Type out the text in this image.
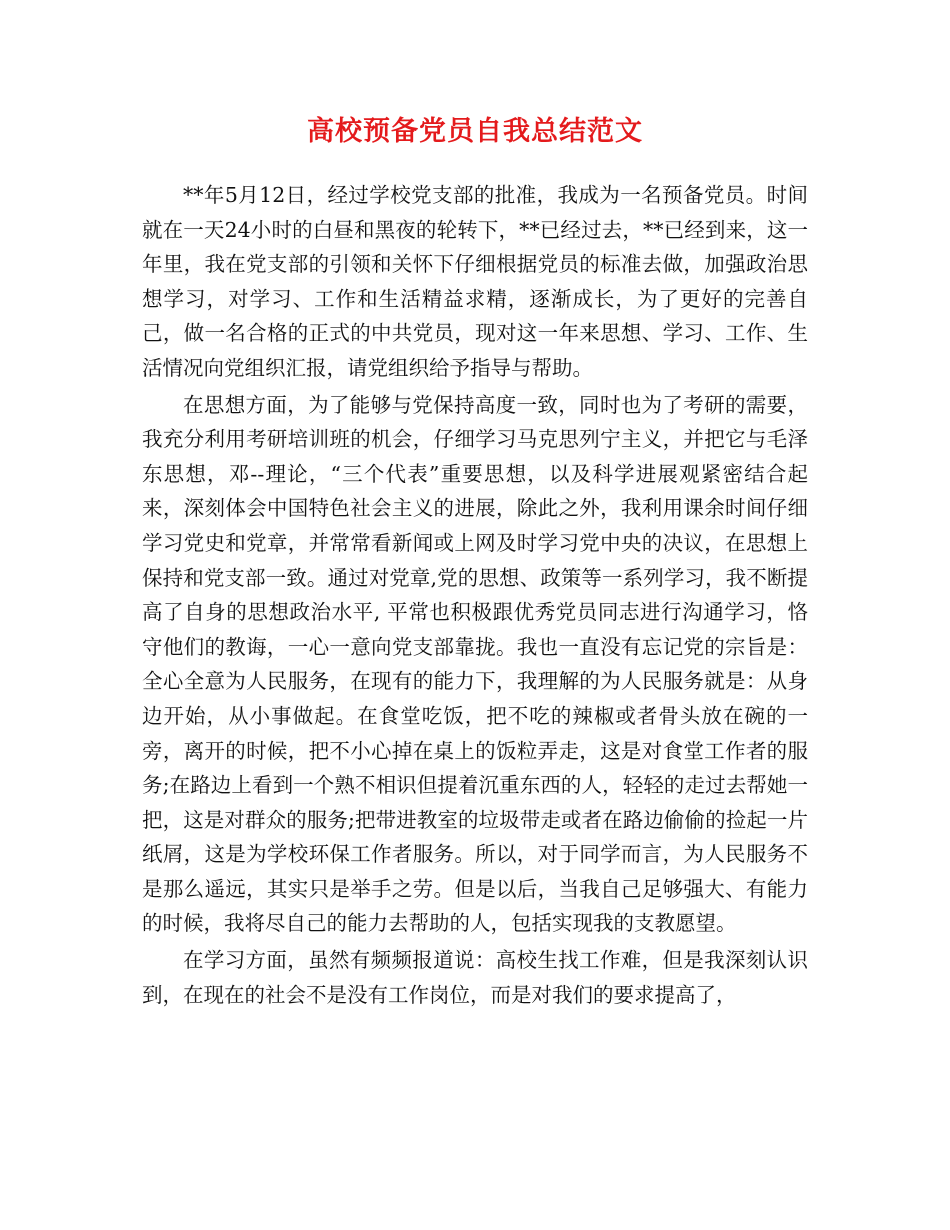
高校预备党员自我总结范文

**年5月12日，经过学校党支部的批准，我成为一名预备党员。时间就在一天24小时的白昼和黑夜的轮转下，**已经过去，**已经到来，这一年里，我在党支部的引领和关怀下仔细根据党员的标准去做，加强政治思想学习，对学习、工作和生活精益求精，逐渐成长，为了更好的完善自己，做一名合格的正式的中共党员，现对这一年来思想、学习、工作、生活情况向党组织汇报，请党组织给予指导与帮助。

在思想方面，为了能够与党保持高度一致，同时也为了考研的需要，我充分利用考研培训班的机会，仔细学习马克思列宁主义，并把它与毛泽东思想，邓--理论，“三个代表”重要思想，以及科学进展观紧密结合起来，深刻体会中国特色社会主义的进展，除此之外，我利用课余时间仔细学习党史和党章，并常常看新闻或上网及时学习党中央的决议，在思想上保持和党支部一致。通过对党章,党的思想、政策等一系列学习，我不断提高了自身的思想政治水平, 平常也积极跟优秀党员同志进行沟通学习，恪守他们的教诲，一心一意向党支部靠拢。我也一直没有忘记党的宗旨是：全心全意为人民服务，在现有的能力下，我理解的为人民服务就是：从身边开始，从小事做起。在食堂吃饭，把不吃的辣椒或者骨头放在碗的一旁，离开的时候，把不小心掉在桌上的饭粒弄走，这是对食堂工作者的服务;在路边上看到一个熟不相识但提着沉重东西的人，轻轻的走过去帮她一把，这是对群众的服务;把带进教室的垃圾带走或者在路边偷偷的捡起一片纸屑，这是为学校环保工作者服务。所以，对于同学而言，为人民服务不是那么遥远，其实只是举手之劳。但是以后，当我自己足够强大、有能力的时候，我将尽自己的能力去帮助的人，包括实现我的支教愿望。

在学习方面，虽然有频频报道说：高校生找工作难，但是我深刻认识到，在现在的社会不是没有工作岗位，而是对我们的要求提高了，
